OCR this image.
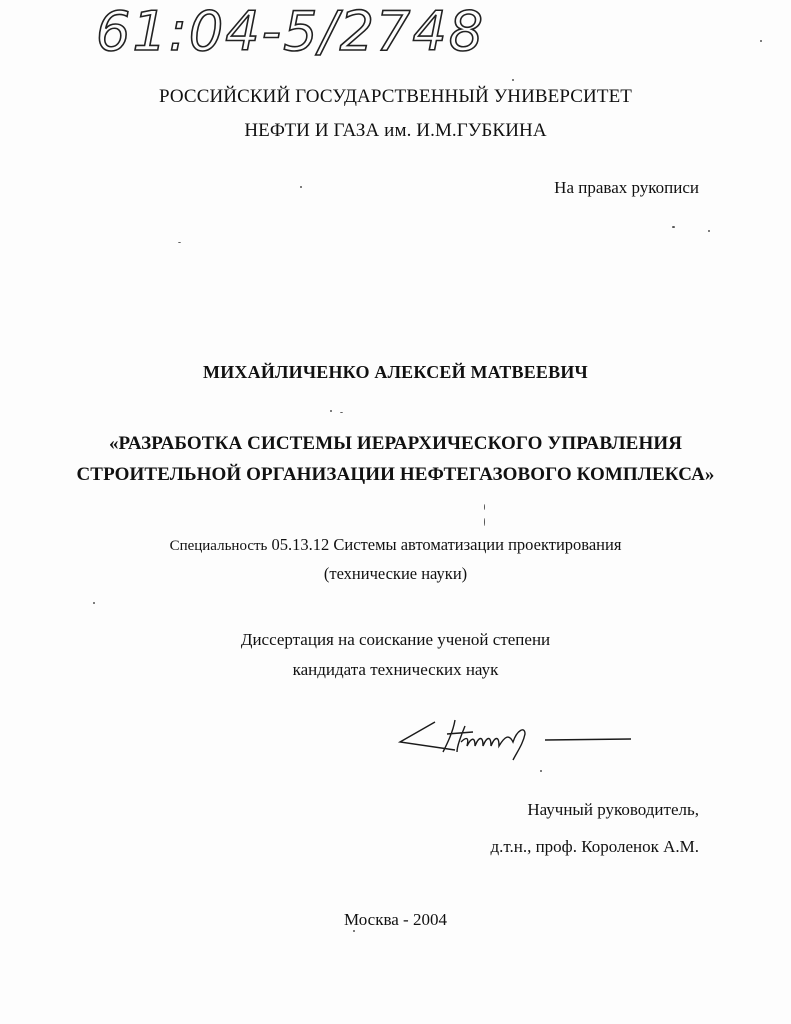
61:04-5/2748
РОССИЙСКИЙ ГОСУДАРСТВЕННЫЙ УНИВЕРСИТЕТ
НЕФТИ И ГАЗА им. И.М.ГУБКИНА
На правах рукописи
МИХАЙЛИЧЕНКО АЛЕКСЕЙ МАТВЕЕВИЧ
«РАЗРАБОТКА СИСТЕМЫ ИЕРАРХИЧЕСКОГО УПРАВЛЕНИЯ
СТРОИТЕЛЬНОЙ ОРГАНИЗАЦИИ НЕФТЕГАЗОВОГО КОМПЛЕКСА»
Специальность 05.13.12 Системы автоматизации проектирования
(технические науки)
Диссертация на соискание ученой степени
кандидата технических наук
Научный руководитель,
д.т.н., проф. Короленок А.М.
Москва - 2004
